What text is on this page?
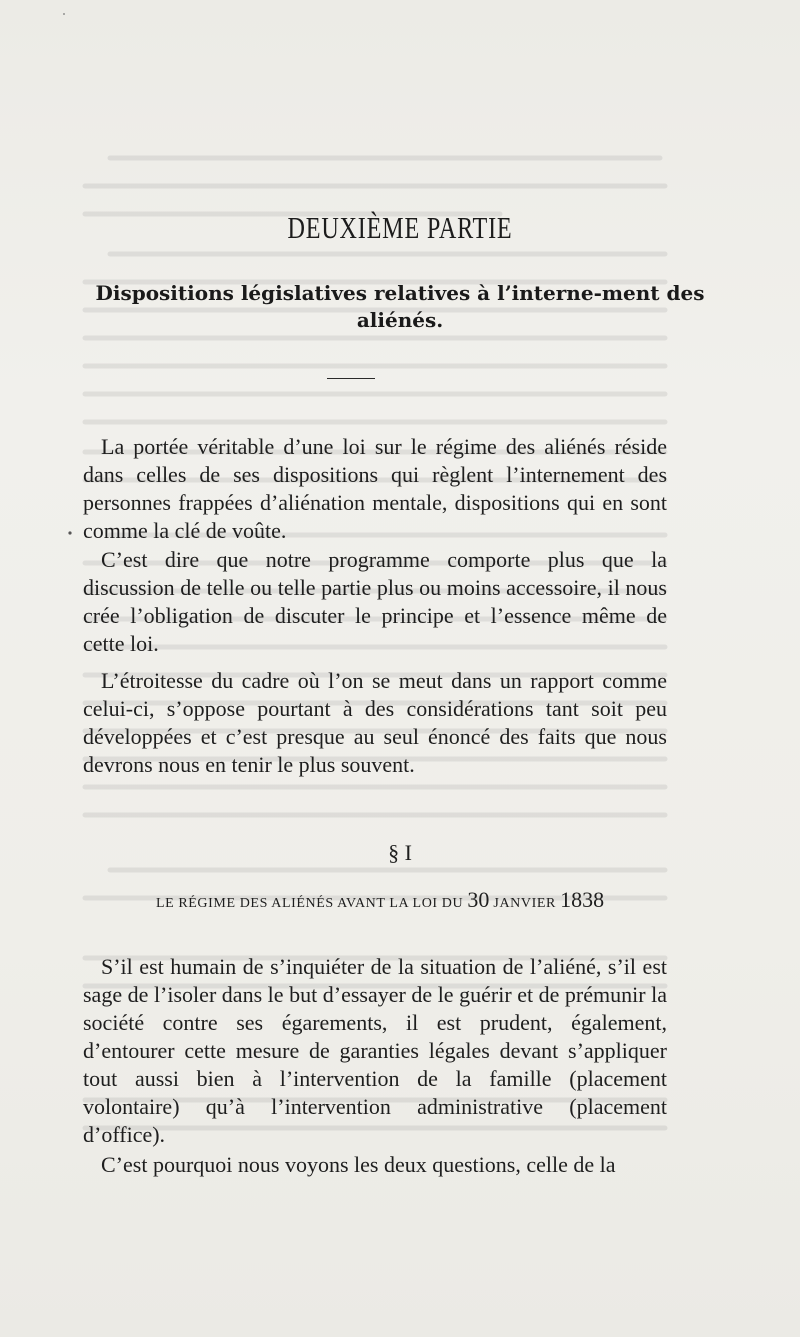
DEUXIÈME PARTIE
Dispositions législatives relatives à l’interne-ment des aliénés.

La portée véritable d’une loi sur le régime des aliénés réside dans celles de ses dispositions qui règlent l’internement des personnes frappées d’aliénation mentale, dispositions qui en sont comme la clé de voûte.

C’est dire que notre programme comporte plus que la discussion de telle ou telle partie plus ou moins accessoire, il nous crée l’obligation de discuter le principe et l’essence même de cette loi.

L’étroitesse du cadre où l’on se meut dans un rapport comme celui-ci, s’oppose pourtant à des considérations tant soit peu développées et c’est presque au seul énoncé des faits que nous devrons nous en tenir le plus souvent.

§ I
LE RÉGIME DES ALIÉNÉS AVANT LA LOI DU 30 JANVIER 1838

S’il est humain de s’inquiéter de la situation de l’aliéné, s’il est sage de l’isoler dans le but d’essayer de le guérir et de prémunir la société contre ses égarements, il est prudent, également, d’entourer cette mesure de garanties légales devant s’appliquer tout aussi bien à l’intervention de la famille (placement volontaire) qu’à l’intervention administrative (placement d’office).

C’est pourquoi nous voyons les deux questions, celle de la
